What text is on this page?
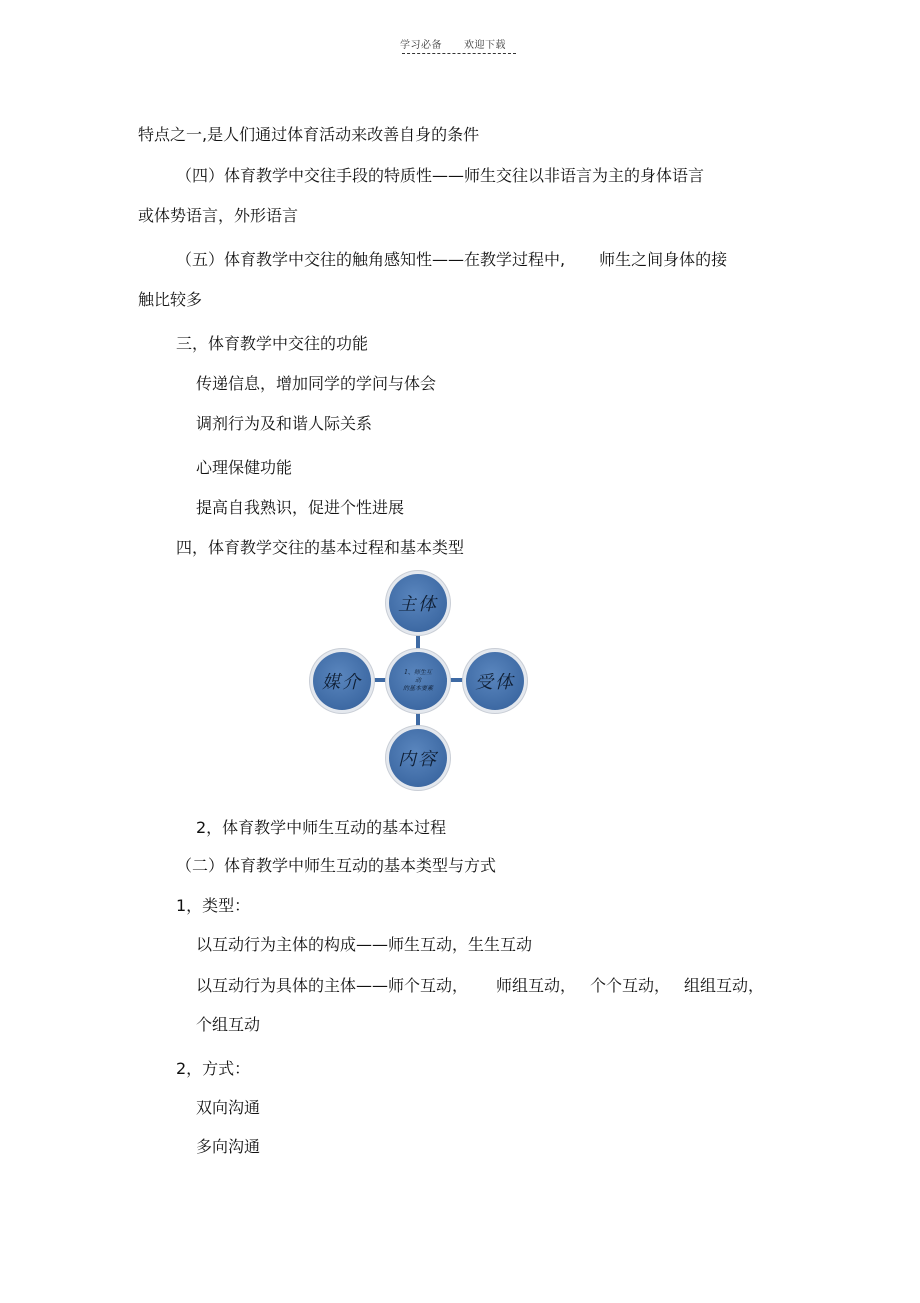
学习必备 欢迎下载
特点之一,是人们通过体育活动来改善自身的条件
（四）体育教学中交往手段的特质性——师生交往以非语言为主的身体语言
或体势语言，外形语言
（五）体育教学中交往的触角感知性——在教学过程中, 师生之间身体的接
触比较多
三，体育教学中交往的功能
传递信息，增加同学的学问与体会
调剂行为及和谐人际关系
心理保健功能
提高自我熟识，促进个性进展
四，体育教学交往的基本过程和基本类型
主体
媒介	1、师生互
动
的基本要素 受体
内容
2，体育教学中师生互动的基本过程
（二）体育教学中师生互动的基本类型与方式
1，类型：
以互动行为主体的构成——师生互动，生生互动
以互动行为具体的主体——师个互动， 师组互动， 个个互动， 组组互动，
个组互动
2，方式：
双向沟通
多向沟通
